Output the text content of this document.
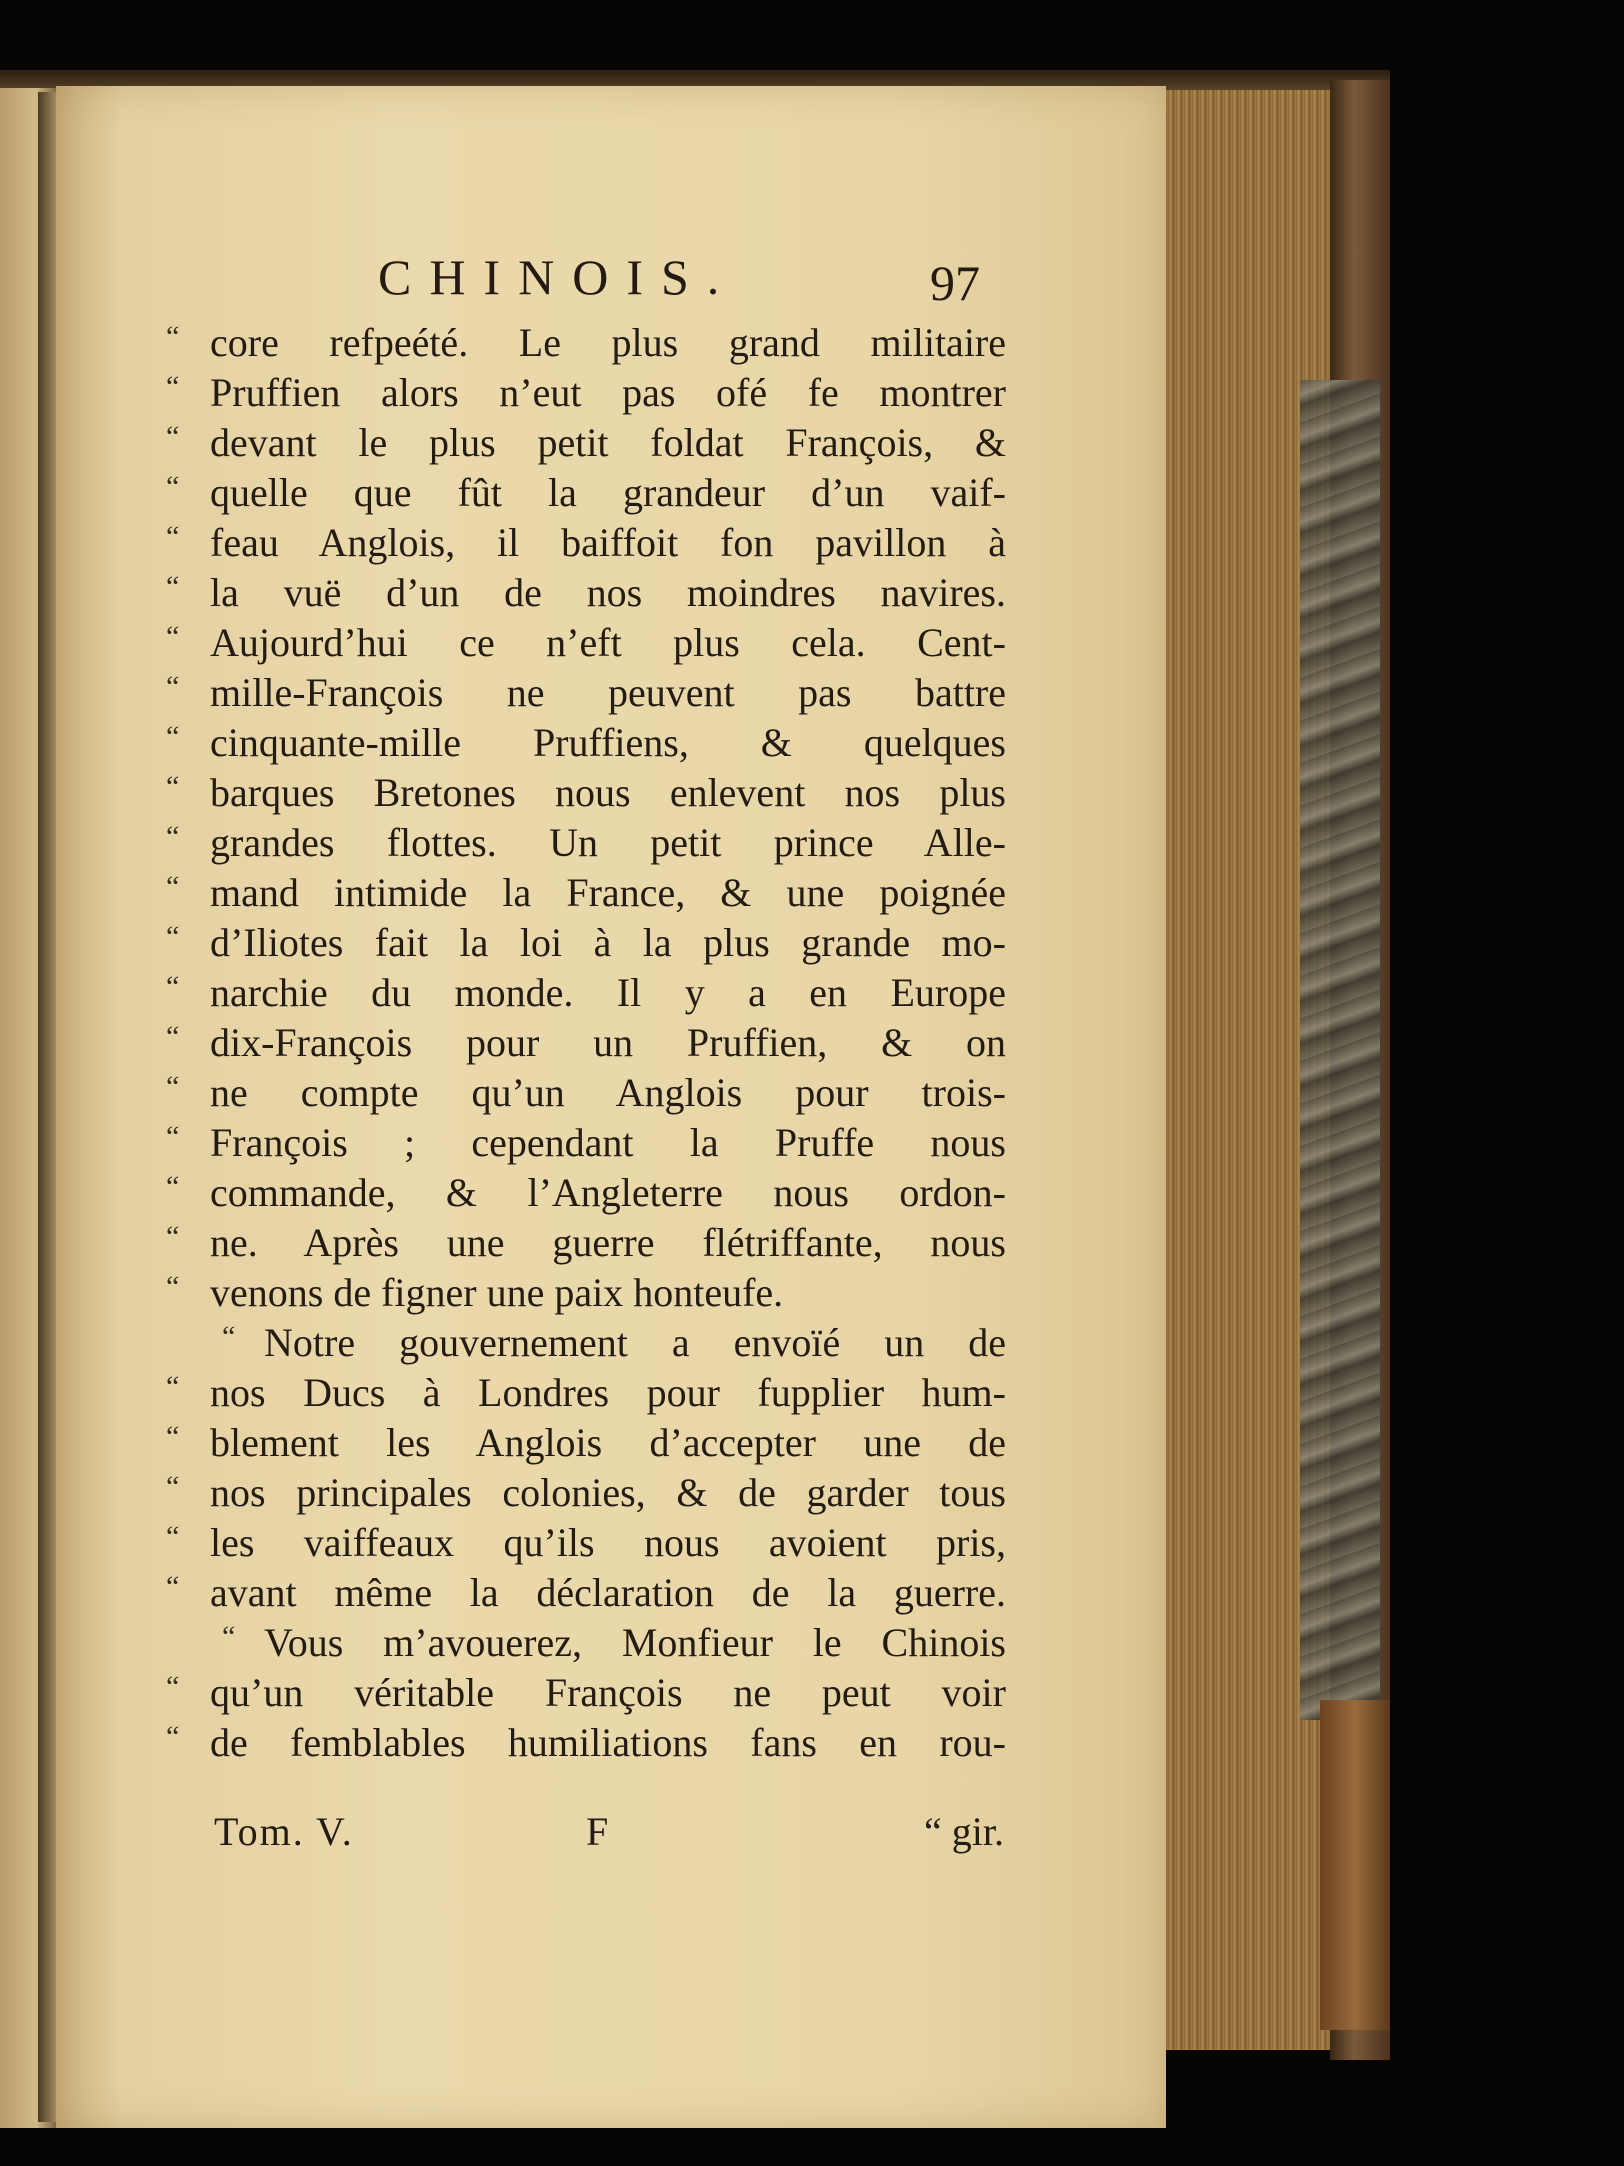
CHINOIS.	97
“ core refpeété. Le plus grand militaire
“ Pruffien alors n’eut pas ofé fe montrer
“ devant le plus petit foldat François, &
“ quelle que fût la grandeur d’un vaif-
“ feau Anglois, il baiffoit fon pavillon à
“ la vuë d’un de nos moindres navires.
“ Aujourd’hui ce n’eft plus cela. Cent-
“ mille-François ne peuvent pas battre
“ cinquante-mille Pruffiens, & quelques
“ barques Bretones nous enlevent nos plus
“ grandes flottes. Un petit prince Alle-
“ mand intimide la France, & une poignée
“ d’Iliotes fait la loi à la plus grande mo-
“ narchie du monde. Il y a en Europe
“ dix-François pour un Pruffien, & on
“ ne compte qu’un Anglois pour trois-
“ François ; cependant la Pruffe nous
“ commande, & l’Angleterre nous ordon-
“ ne. Après une guerre flétriffante, nous
“ venons de figner une paix honteufe.
“ Notre gouvernement a envoïé un de
“ nos Ducs à Londres pour fupplier hum-
“ blement les Anglois d’accepter une de
“ nos principales colonies, & de garder tous
“ les vaiffeaux qu’ils nous avoient pris,
“ avant même la déclaration de la guerre.
“ Vous m’avouerez, Monfieur le Chinois
“ qu’un véritable François ne peut voir
“ de femblables humiliations fans en rou-
Tom. V.	F	“ gir.
